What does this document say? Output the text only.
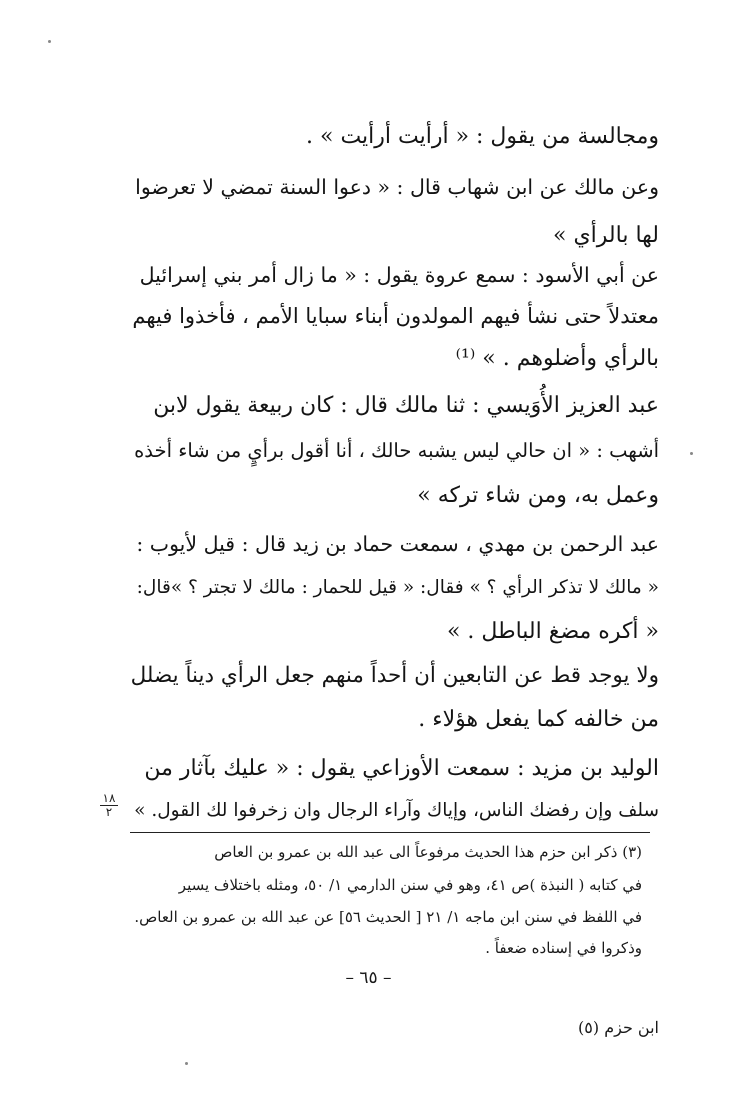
ومجالسة من يقول : « أرأيت أرأيت » .
وعن مالك عن ابن شهاب قال : « دعوا السنة تمضي لا تعرضوا
لها بالرأي »
عن أبي الأسود : سمع عروة يقول : « ما زال أمر بني إسرائيل
معتدلاً حتى نشأ فيهم المولدون أبناء سبايا الأمم ، فأخذوا فيهم
بالرأي وأضلوهم . » ⁽¹⁾
عبد العزيز الأُوَيسي : ثنا مالك قال : كان ربيعة يقول لابن
أشهب : « ان حالي ليس يشبه حالك ، أنا أقول برأيٍ من شاء أخذه
وعمل به، ومن شاء تركه »
عبد الرحمن بن مهدي ، سمعت حماد بن زيد قال : قيل لأيوب :
« مالك لا تذكر الرأي ؟ » فقال: « قيل للحمار : مالك لا تجتر ؟ »قال:
« أكره مضغ الباطل . »
ولا يوجد قط عن التابعين أن أحداً منهم جعل الرأي ديناً يضلل
من خالفه كما يفعل هؤلاء .
الوليد بن مزيد : سمعت الأوزاعي يقول : « عليك بآثار من
سلف وإن رفضك الناس، وإياك وآراء الرجال وان زخرفوا لك القول. »
١٨
٢
(٣) ذكر ابن حزم هذا الحديث مرفوعاً الى عبد الله بن عمرو بن العاص
في كتابه ( النبذة )ص ٤١، وهو في سنن الدارمي ١/ ٥٠، ومثله باختلاف يسير
في اللفظ في سنن ابن ماجه ١/ ٢١ [ الحديث ٥٦] عن عبد الله بن عمرو بن العاص.
وذكروا في إسناده ضعفاً .
– ٦٥ –
ابن حزم (٥)
